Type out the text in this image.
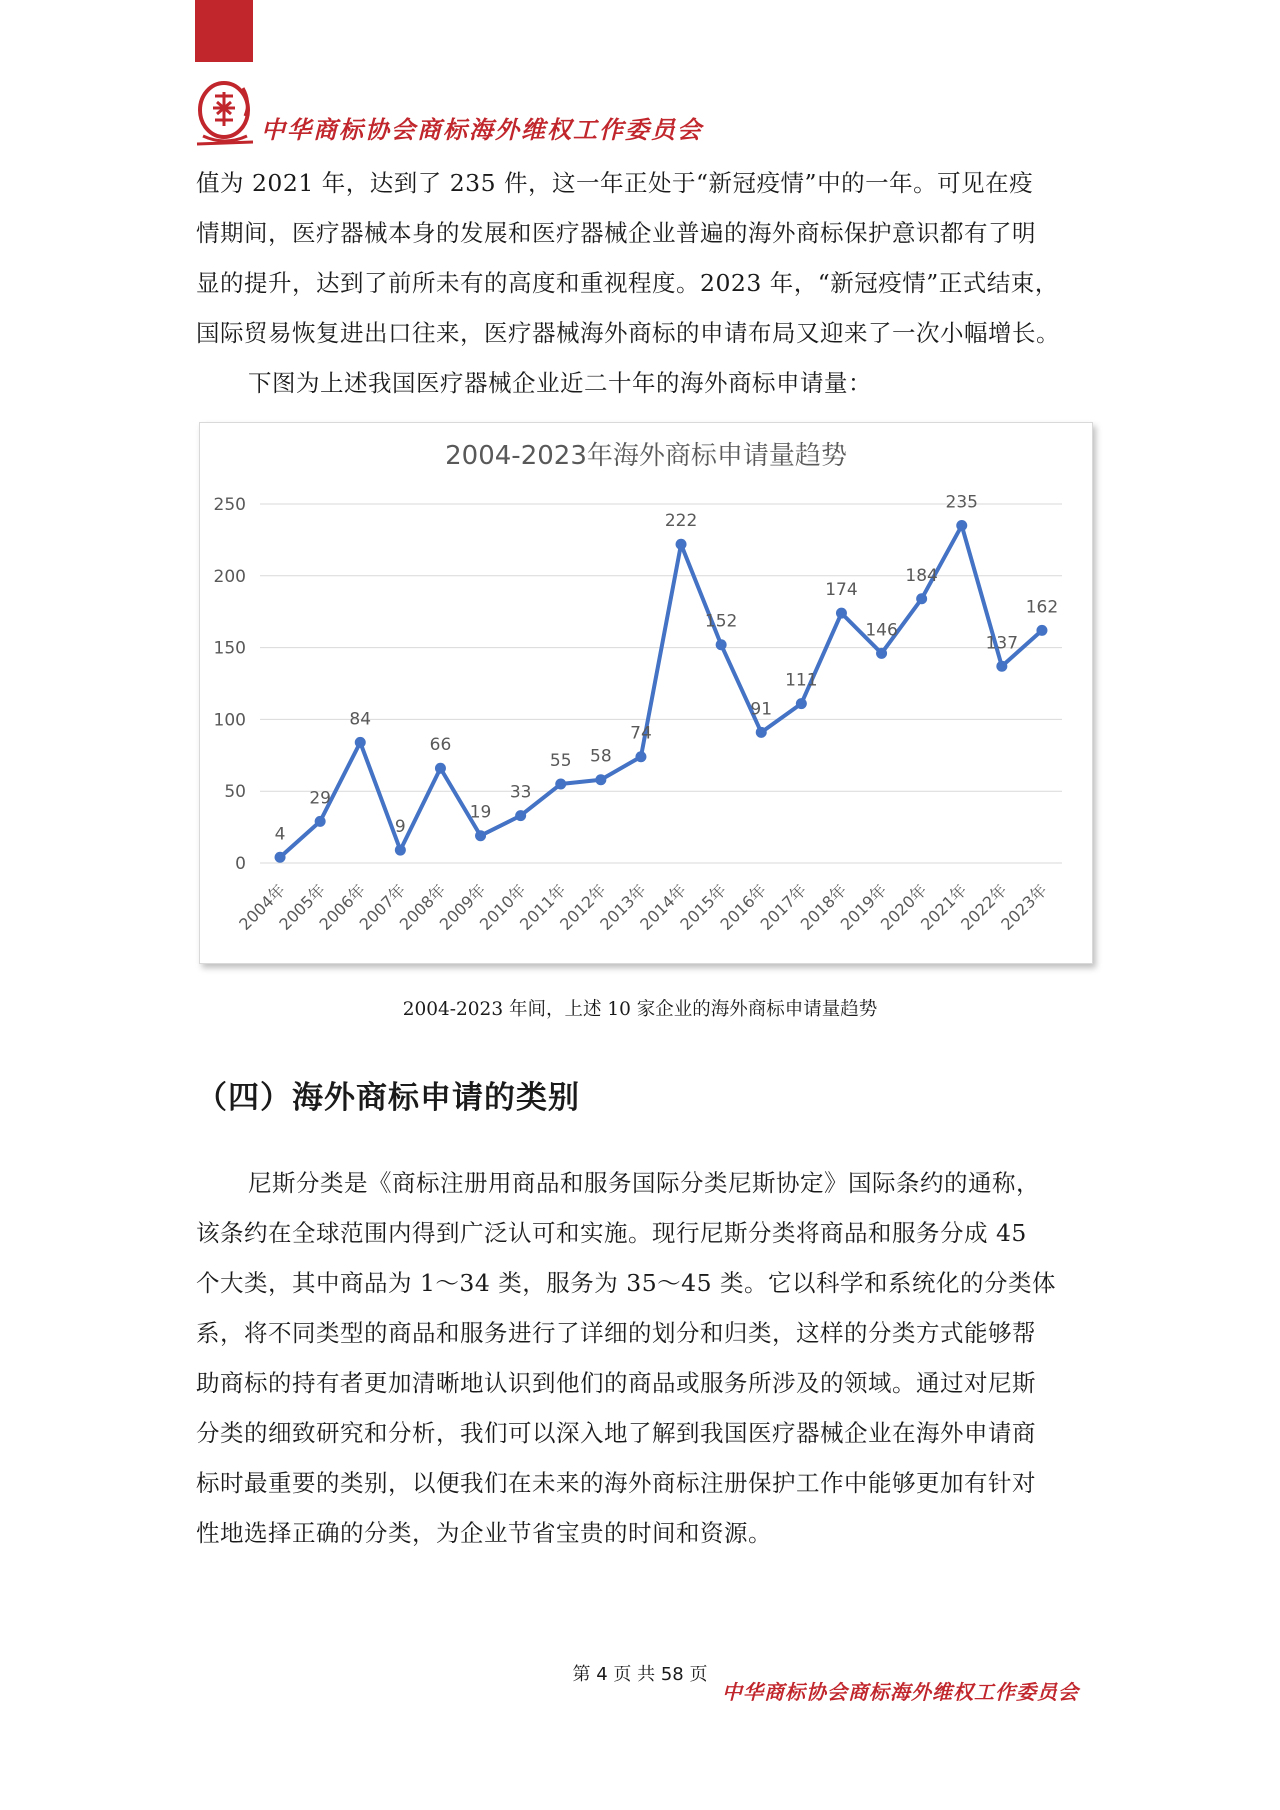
中华商标协会商标海外维权工作委员会

值为 2021 年，达到了 235 件，这一年正处于“新冠疫情”中的一年。可见在疫

情期间，医疗器械本身的发展和医疗器械企业普遍的海外商标保护意识都有了明

显的提升，达到了前所未有的高度和重视程度。2023 年，“新冠疫情”正式结束，

国际贸易恢复进出口往来，医疗器械海外商标的申请布局又迎来了一次小幅增长。

下图为上述我国医疗器械企业近二十年的海外商标申请量：

2004-2023年海外商标申请量趋势
0
50
100
150
200
250
4
29
84
9
66
19
33
55 58
74
222
152
91
111
174
146
184
235
137
162
2004年
2005年
2006年
2007年
2008年
2009年
2010年
2011年
2012年
2013年
2014年
2015年
2016年
2017年
2018年
2019年
2020年
2021年
2022年
2023年
2004-2023 年间，上述 10 家企业的海外商标申请量趋势
（四）海外商标申请的类别

尼斯分类是《商标注册用商品和服务国际分类尼斯协定》国际条约的通称，

该条约在全球范围内得到广泛认可和实施。现行尼斯分类将商品和服务分成 45

个大类，其中商品为 1～34 类，服务为 35～45 类。它以科学和系统化的分类体

系，将不同类型的商品和服务进行了详细的划分和归类，这样的分类方式能够帮

助商标的持有者更加清晰地认识到他们的商品或服务所涉及的领域。通过对尼斯

分类的细致研究和分析，我们可以深入地了解到我国医疗器械企业在海外申请商

标时最重要的类别，以便我们在未来的海外商标注册保护工作中能够更加有针对

性地选择正确的分类，为企业节省宝贵的时间和资源。

第 4 页 共 58 页
中华商标协会商标海外维权工作委员会
